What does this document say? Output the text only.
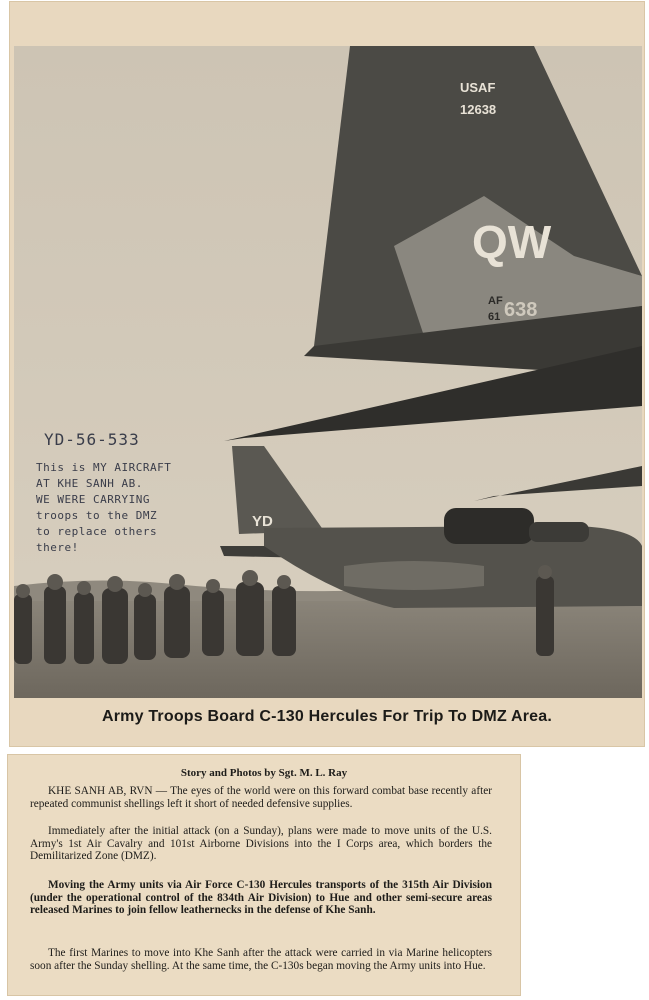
USAF
12638
QW
AF
61 638
YD
YD-56-533
This is MY AIRCRAFT
AT KHE SANH AB.
WE WERE CARRYING
troops to the DMZ
to replace others
there!
Army Troops Board C-130 Hercules For Trip To DMZ Area.
Story and Photos by Sgt. M. L. Ray
KHE SANH AB, RVN — The eyes of the world were on this forward combat base recently after repeated communist shellings left it short of needed defensive supplies.
Immediately after the initial attack (on a Sunday), plans were made to move units of the U.S. Army's 1st Air Cavalry and 101st Airborne Divisions into the I Corps area, which borders the Demilitarized Zone (DMZ).
Moving the Army units via Air Force C-130 Hercules transports of the 315th Air Division (under the operational control of the 834th Air Division) to Hue and other semi-secure areas released Marines to join fellow leathernecks in the defense of Khe Sanh.
The first Marines to move into Khe Sanh after the attack were carried in via Marine helicopters soon after the Sunday shelling. At the same time, the C-130s began moving the Army units into Hue.
